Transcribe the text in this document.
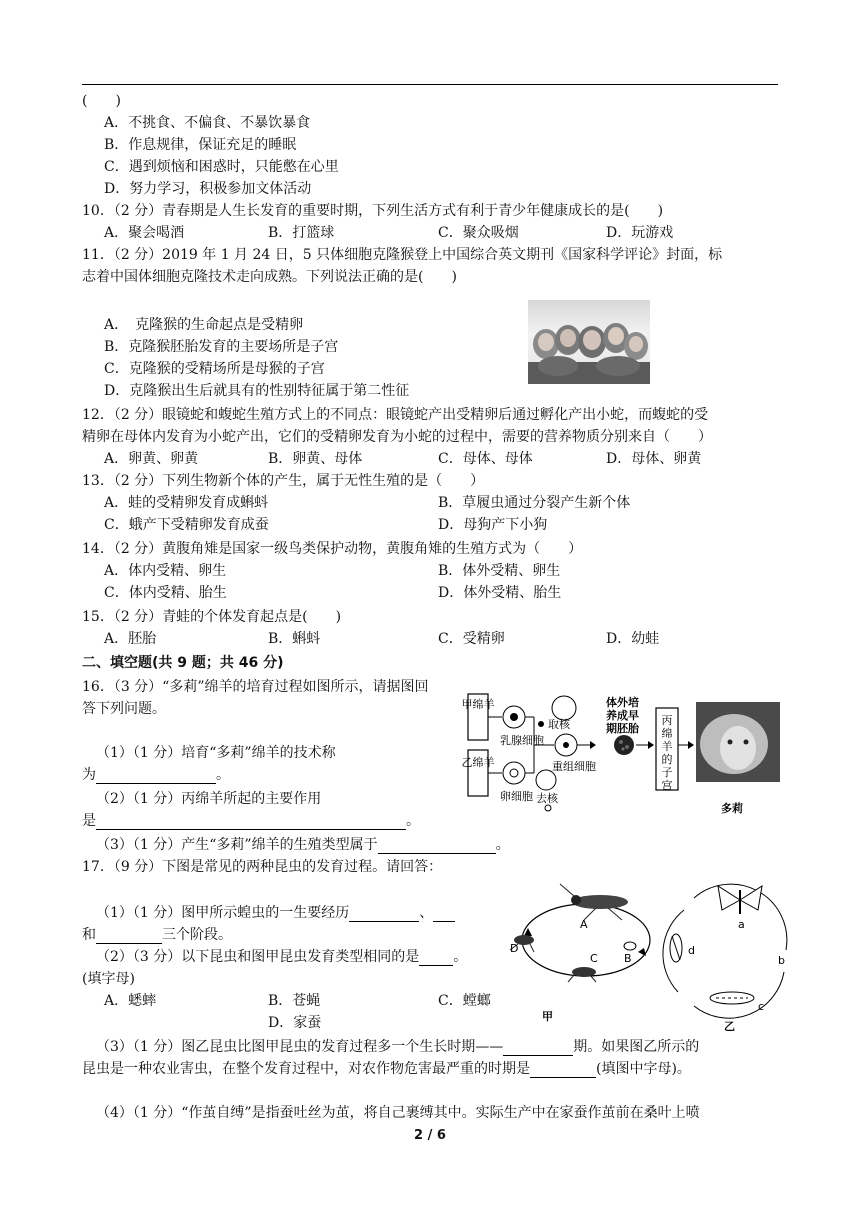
(　　)
A．不挑食、不偏食、不暴饮暴食
B．作息规律，保证充足的睡眠
C．遇到烦恼和困惑时，只能憋在心里
D．努力学习，积极参加文体活动
10．（2 分）青春期是人生长发育的重要时期，下列生活方式有利于青少年健康成长的是(　　)
A．聚会喝酒	B．打篮球	C．聚众吸烟	D．玩游戏
11．（2 分）2019 年 1 月 24 日，5 只体细胞克隆猴登上中国综合英文期刊《国家科学评论》封面，标
志着中国体细胞克隆技术走向成熟。下列说法正确的是(　　)
A．　克隆猴的生命起点是受精卵
B．克隆猴胚胎发育的主要场所是子宫
C．克隆猴的受精场所是母猴的子宫
D．克隆猴出生后就具有的性别特征属于第二性征
12．（2 分）眼镜蛇和蝮蛇生殖方式上的不同点：眼镜蛇产出受精卵后通过孵化产出小蛇，而蝮蛇的受
精卵在母体内发育为小蛇产出，它们的受精卵发育为小蛇的过程中，需要的营养物质分别来自（　　）
A．卵黄、卵黄	B．卵黄、母体	C．母体、母体	D．母体、卵黄
13．（2 分）下列生物新个体的产生，属于无性生殖的是（　　）
A．蛙的受精卵发育成蝌蚪	B．草履虫通过分裂产生新个体
C．蛾产下受精卵发育成蚕	D．母狗产下小狗
14．（2 分）黄腹角雉是国家一级鸟类保护动物，黄腹角雉的生殖方式为（　　）
A．体内受精、卵生	B．体外受精、卵生
C．体内受精、胎生	D．体外受精、胎生
15．（2 分）青蛙的个体发育起点是(　　)
A．胚胎	B．蝌蚪	C．受精卵	D．幼蛙
二、填空题(共 9 题；共 46 分)
16．（3 分）“多莉”绵羊的培育过程如图所示，请据图回
答下列问题。
（1）（1 分）培育“多莉”绵羊的技术称
为	。
（2）（1 分）丙绵羊所起的主要作用
是	。
（3）（1 分）产生“多莉”绵羊的生殖类型属于	。
甲绵羊
乙绵羊
乳腺细胞
取核
卵细胞 去核
重组细胞
体外培
养成早
期胚胎
丙
绵
羊
的
子
宫
多莉
17．（9 分）下图是常见的两种昆虫的发育过程。请回答：
（1）（1 分）图甲所示蝗虫的一生要经历	、
和	三个阶段。
（2）（3 分）以下昆虫和图甲昆虫发育类型相同的是 。
(填字母)
A．蟋蟀	B．苍蝇	C．螳螂
D．家蚕
（3）（1 分）图乙昆虫比图甲昆虫的发育过程多一个生长时期——	期。如果图乙所示的
昆虫是一种农业害虫，在整个发育过程中，对农作物危害最严重的时期是	(填图中字母)。
（4）（1 分）“作茧自缚”是指蚕吐丝为茧，将自己裹缚其中。实际生产中在家蚕作茧前在桑叶上喷
A
B
C
D
甲
a
b
c
d
乙
2 / 6
